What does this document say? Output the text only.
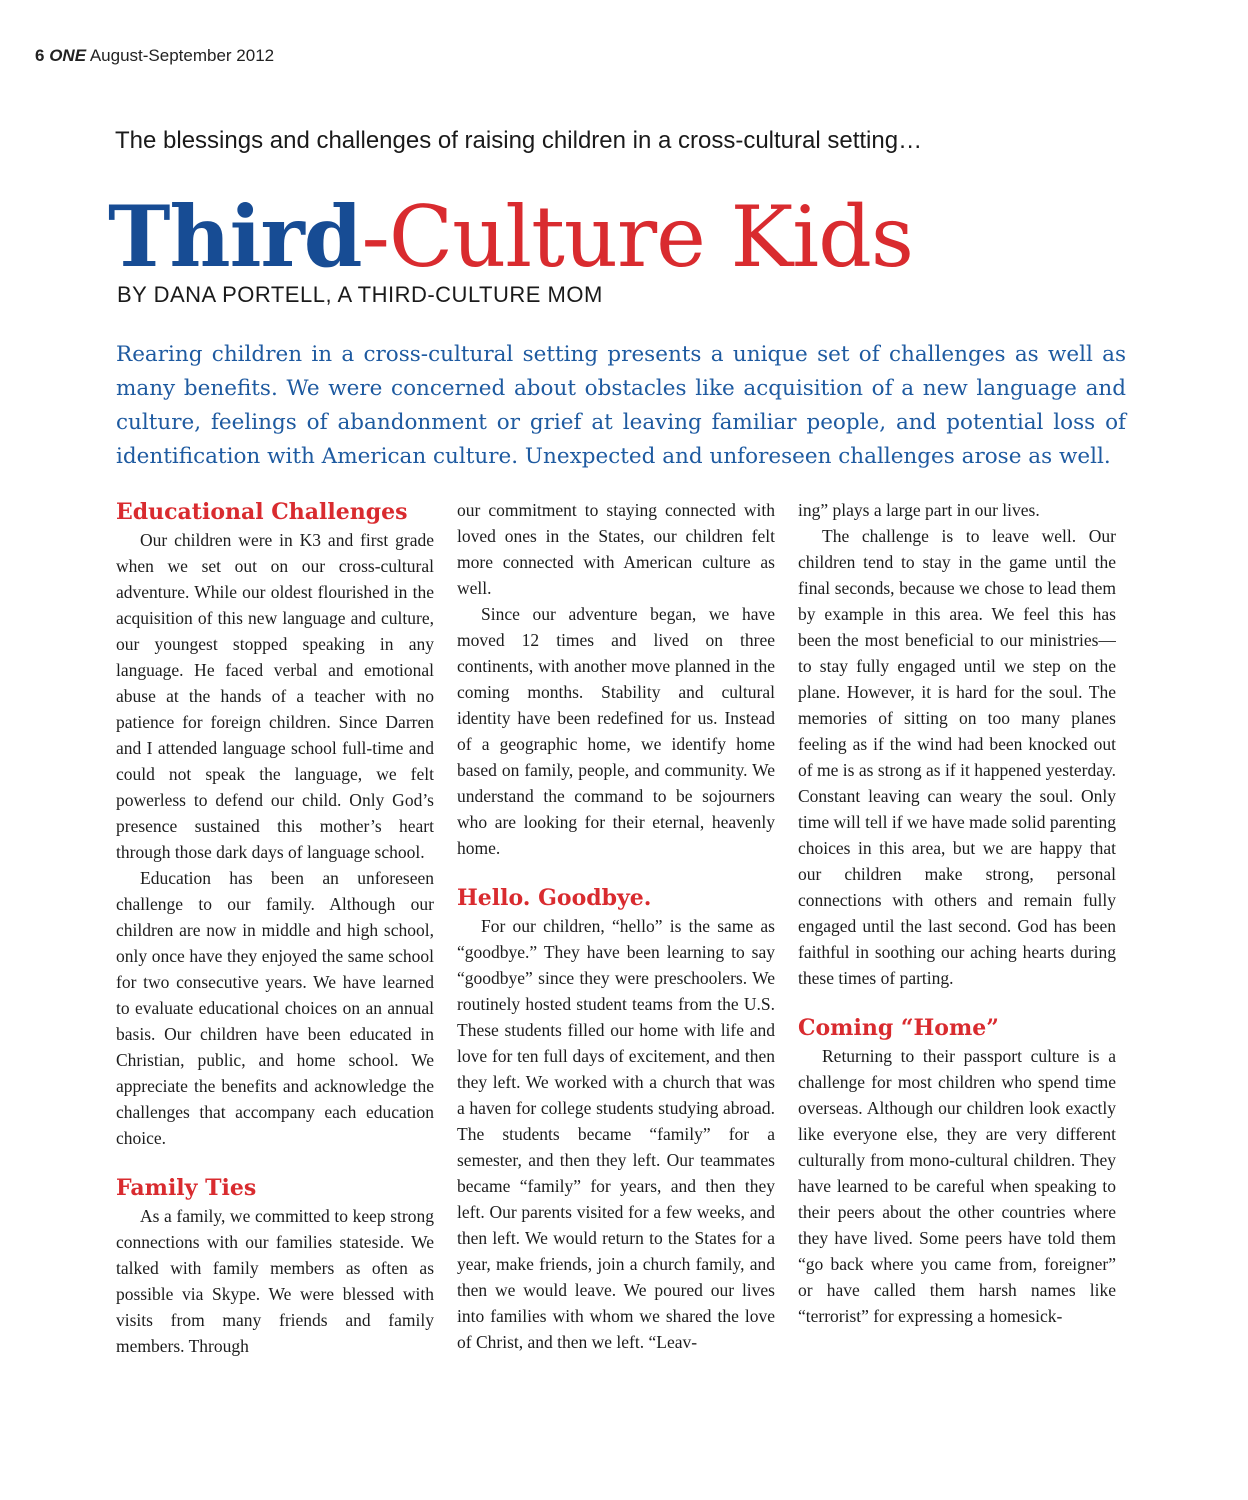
6 ONE August-September 2012
The blessings and challenges of raising children in a cross-cultural setting…
Third-Culture Kids
BY DANA PORTELL, A THIRD-CULTURE MOM

Rearing children in a cross-cultural setting presents a unique set of challenges as well as many benefits. We were concerned about obstacles like acquisition of a new language and culture, feelings of abandonment or grief at leaving familiar people, and potential loss of identification with American culture. Unexpected and unforeseen challenges arose as well.

Educational Challenges

Our children were in K3 and first grade when we set out on our cross-cultural adventure. While our oldest flourished in the acquisition of this new language and culture, our youngest stopped speaking in any language. He faced verbal and emotional abuse at the hands of a teacher with no patience for foreign children. Since Darren and I attended language school full-time and could not speak the language, we felt powerless to defend our child. Only God’s presence sustained this mother’s heart through those dark days of language school.

Education has been an unforeseen challenge to our family. Although our children are now in middle and high school, only once have they enjoyed the same school for two consecutive years. We have learned to evaluate educational choices on an annual basis. Our children have been educated in Christian, public, and home school. We appreciate the benefits and acknowledge the challenges that accompany each education choice.

Family Ties

As a family, we committed to keep strong connections with our families stateside. We talked with family members as often as possible via Skype. We were blessed with visits from many friends and family members. Through

our commitment to staying connected with loved ones in the States, our children felt more connected with American culture as well.

Since our adventure began, we have moved 12 times and lived on three continents, with another move planned in the coming months. Stability and cultural identity have been redefined for us. Instead of a geographic home, we identify home based on family, people, and community. We understand the command to be sojourners who are looking for their eternal, heavenly home.

Hello. Goodbye.

For our children, “hello” is the same as “goodbye.” They have been learning to say “goodbye” since they were preschoolers. We routinely hosted student teams from the U.S. These students filled our home with life and love for ten full days of excitement, and then they left. We worked with a church that was a haven for college students studying abroad. The students became “family” for a semester, and then they left. Our teammates became “family” for years, and then they left. Our parents visited for a few weeks, and then left. We would return to the States for a year, make friends, join a church family, and then we would leave. We poured our lives into families with whom we shared the love of Christ, and then we left. “Leav-

ing” plays a large part in our lives.

The challenge is to leave well. Our children tend to stay in the game until the final seconds, because we chose to lead them by example in this area. We feel this has been the most beneficial to our ministries—to stay fully engaged until we step on the plane. However, it is hard for the soul. The memories of sitting on too many planes feeling as if the wind had been knocked out of me is as strong as if it happened yesterday. Constant leaving can weary the soul. Only time will tell if we have made solid parenting choices in this area, but we are happy that our children make strong, personal connections with others and remain fully engaged until the last second. God has been faithful in soothing our aching hearts during these times of parting.

Coming “Home”

Returning to their passport culture is a challenge for most children who spend time overseas. Although our children look exactly like everyone else, they are very different culturally from mono-cultural children. They have learned to be careful when speaking to their peers about the other countries where they have lived. Some peers have told them “go back where you came from, foreigner” or have called them harsh names like “terrorist” for expressing a homesick-
